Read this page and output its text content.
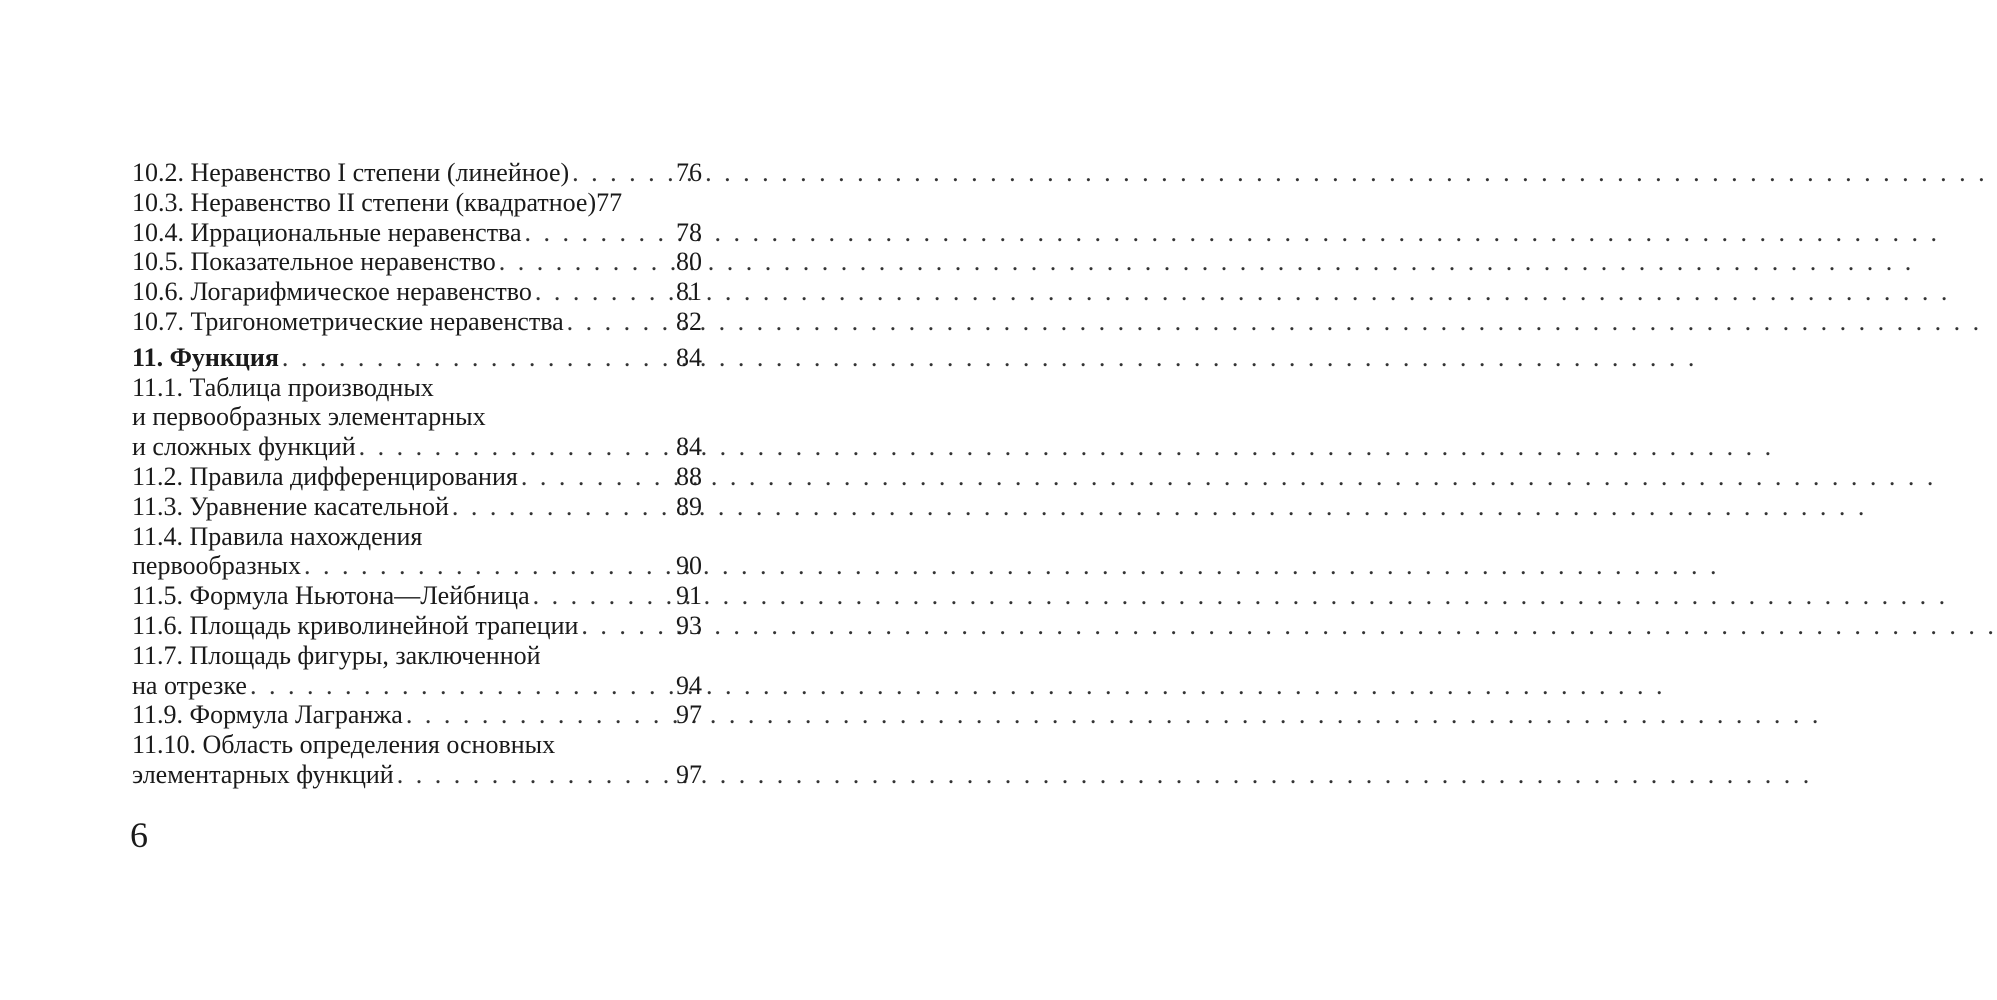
10.2. Неравенство I степени (линейное) . . .	76
10.3. Неравенство II степени (квадратное) 77
10.4. Иррациональные неравенства . . .	78
10.5. Показательное неравенство . . .	80
10.6. Логарифмическое неравенство . . .	81
10.7. Тригонометрические неравенства . . .	82
11. Функция . . .	84
11.1. Таблица производных
и первообразных элементарных
и сложных функций . . .	84
11.2. Правила дифференцирования . . .	88
11.3. Уравнение касательной . . .	89
11.4. Правила нахождения
первообразных . . .	90
11.5. Формула Ньютона—Лейбница . . .	91
11.6. Площадь криволинейной трапеции . . .	93
11.7. Площадь фигуры, заключенной
на отрезке . . .	94
11.9. Формула Лагранжа . . .	97
11.10. Область определения основных
элементарных функций . . .	97
6
